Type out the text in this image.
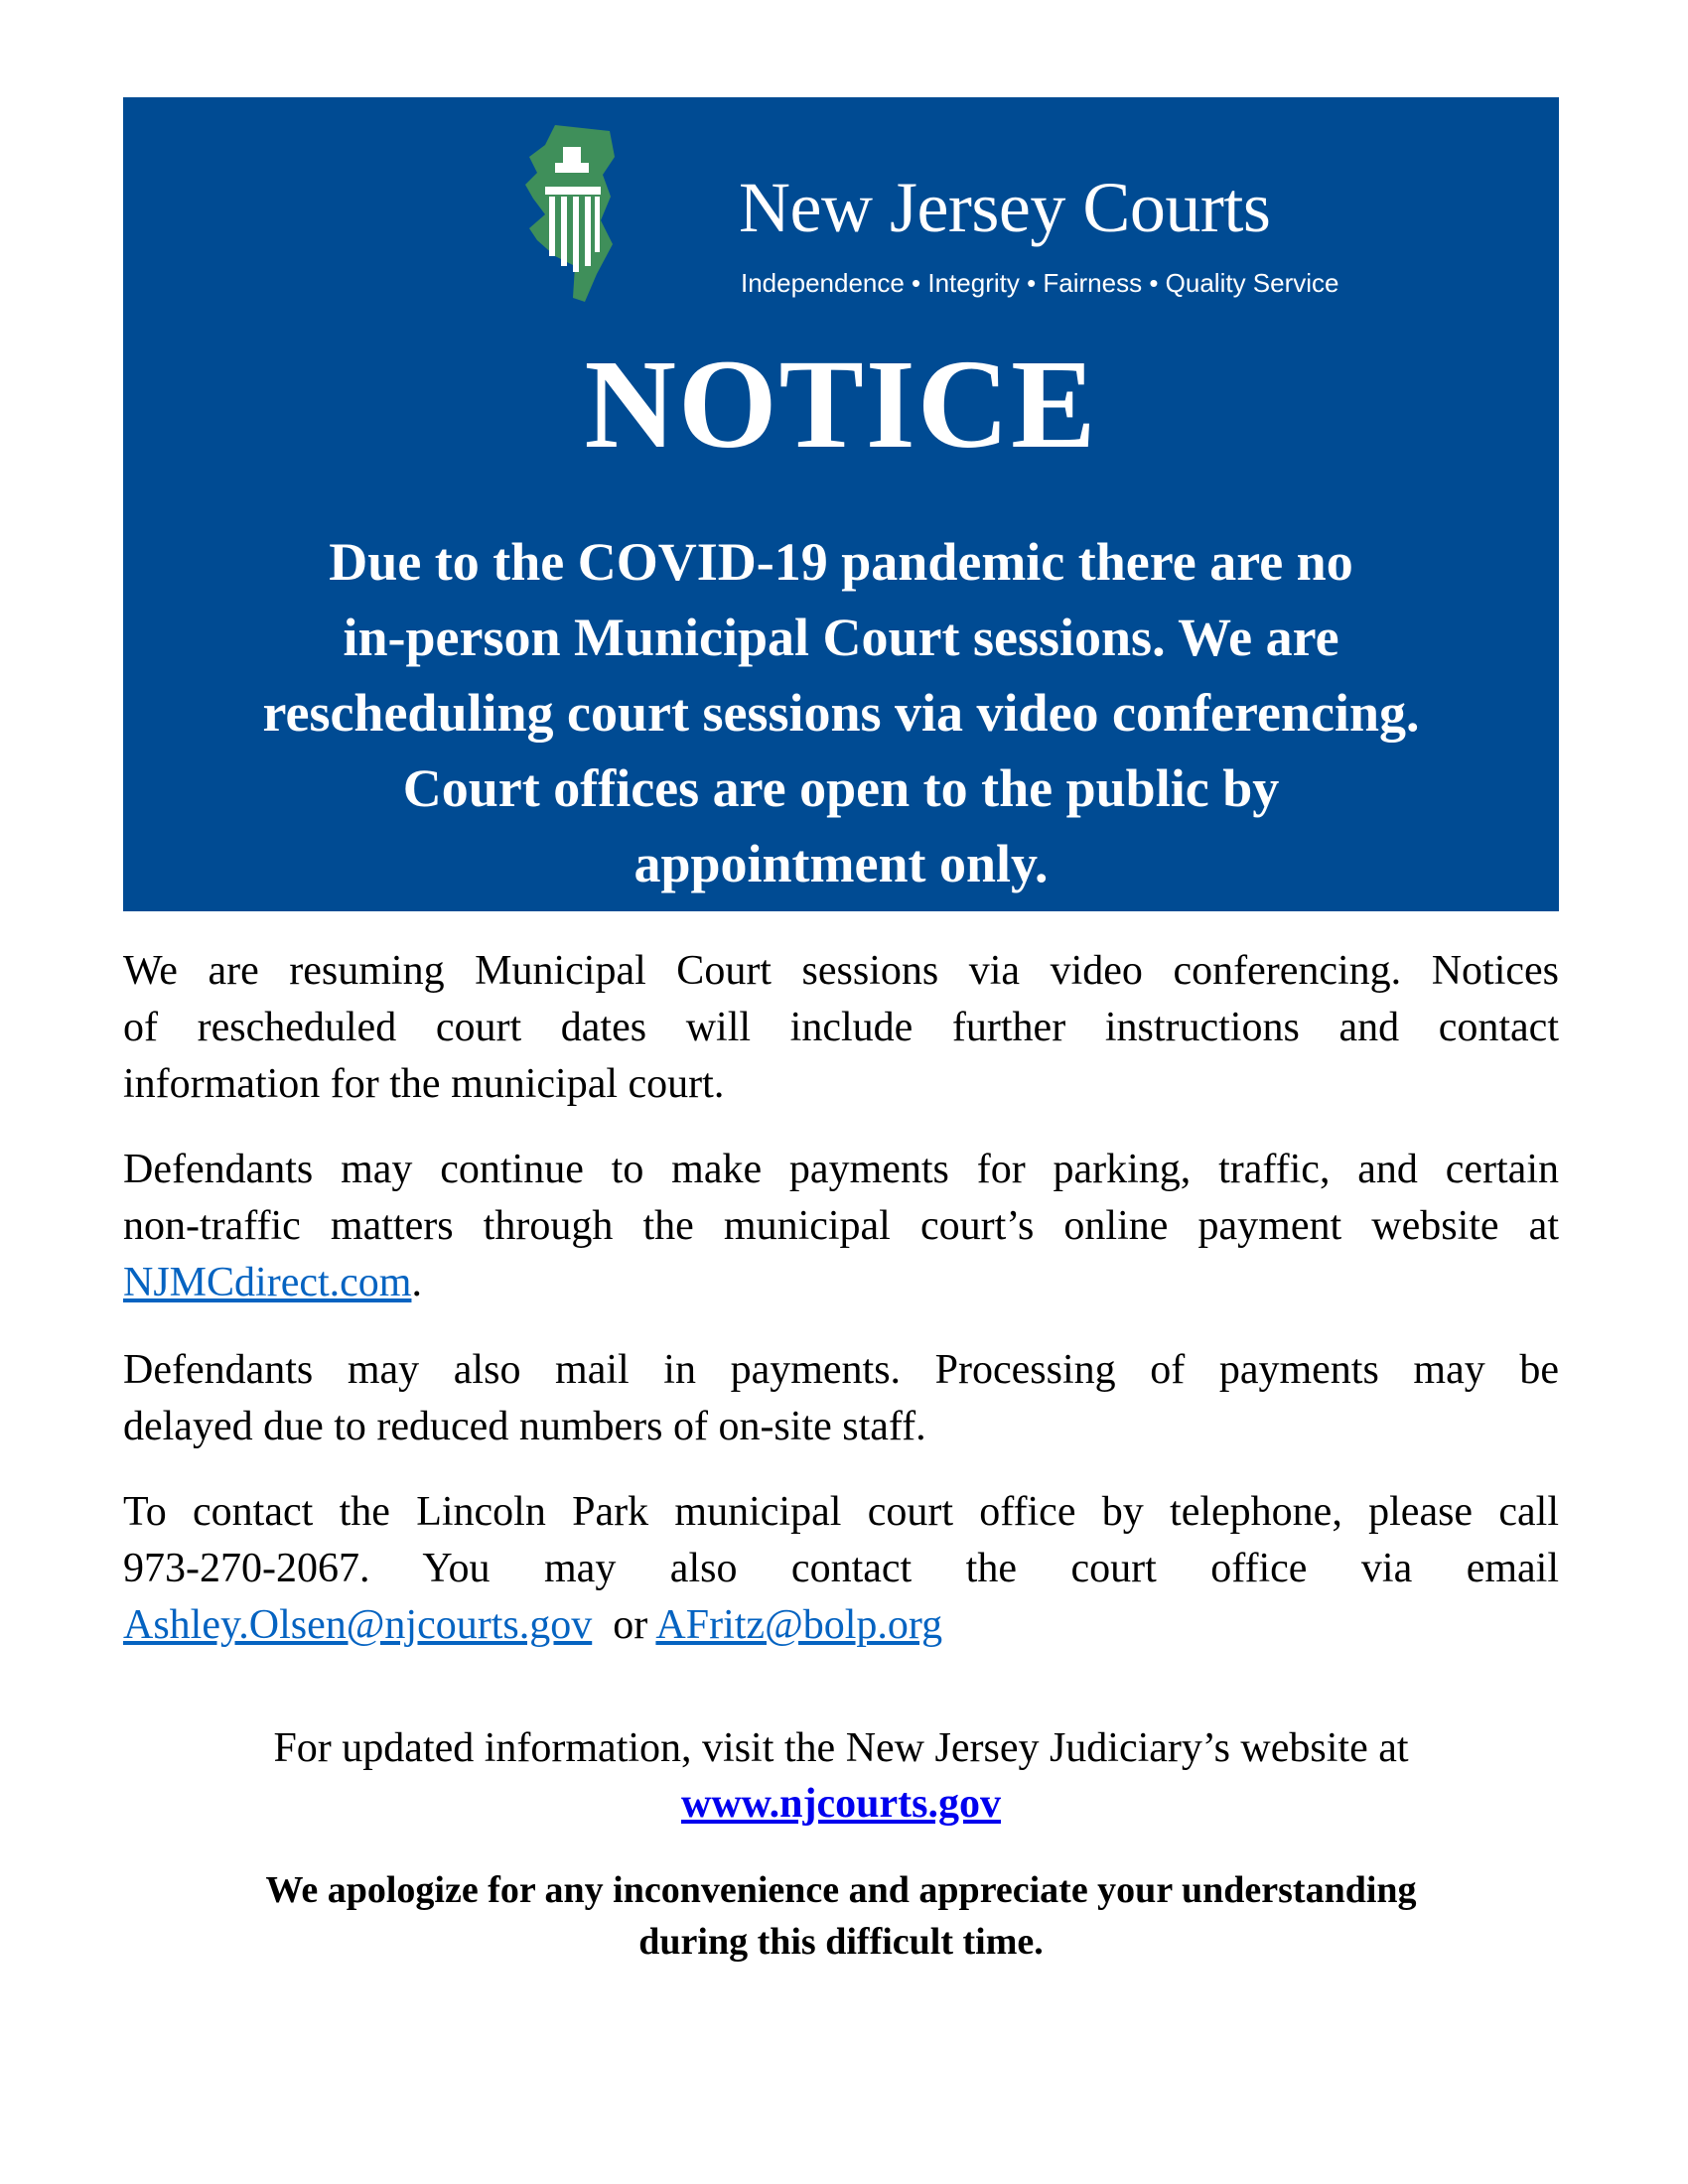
New Jersey Courts
Independence • Integrity • Fairness • Quality Service
NOTICE
Due to the COVID-19 pandemic there are no
in-person Municipal Court sessions. We are
rescheduling court sessions via video conferencing.
Court offices are open to the public by
appointment only.
We are resuming Municipal Court sessions via video conferencing. Notices
of rescheduled court dates will include further instructions and contact
information for the municipal court.
Defendants may continue to make payments for parking, traffic, and certain
non-traffic matters through the municipal court’s online payment website at
NJMCdirect.com.
Defendants may also mail in payments. Processing of payments may be
delayed due to reduced numbers of on-site staff.
To contact the Lincoln Park municipal court office by telephone, please call
973-270-2067. You may also contact the court office via email
Ashley.Olsen@njcourts.gov or AFritz@bolp.org
For updated information, visit the New Jersey Judiciary’s website at
www.njcourts.gov
We apologize for any inconvenience and appreciate your understanding
during this difficult time.
